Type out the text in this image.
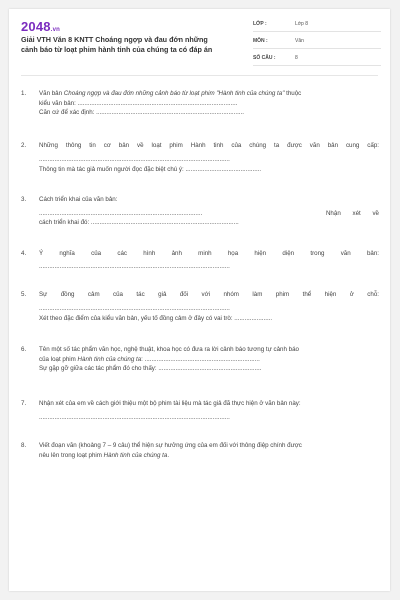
2048.vn
Giải VTH Văn 8 KNTT Choáng ngợp và đau đớn những
cảnh báo từ loạt phim hành tinh của chúng ta có đáp án
LỚP :	Lớp 8
MÔN :	Văn
SỐ CÂU :	8
1. Văn bản Choáng ngợp và đau đớn những cảnh báo từ loạt phim "Hành tinh của chúng ta" thuộc
kiểu văn bản: .............................................................................................
Căn cứ để xác định: ......................................................................................
2. Những thông tin cơ bản về loạt phim Hành tinh của chúng ta được văn bản cung cấp:
...............................................................................................................
Thông tin mà tác giả muốn người đọc đặc biệt chú ý: ............................................
3. Cách triển khai của văn bản:
...............................................................................................	Nhận xét về
cách triển khai đó: ......................................................................................
4. Ý nghĩa của các hình ảnh minh họa hiện diện trong văn bản:
...............................................................................................................
5. Sự đồng cảm của tác giả đối với nhóm làm phim thể hiện ở chỗ:
...............................................................................................................
Xét theo đặc điểm của kiểu văn bản, yếu tố đồng cảm ở đây có vai trò: ......................
6. Tên một số tác phẩm văn học, nghệ thuật, khoa học có đưa ra lời cảnh báo tương tự cảnh báo
của loạt phim Hành tinh của chúng ta: ...................................................................
Sự gặp gỡ giữa các tác phẩm đó cho thấy: ............................................................
7. Nhận xét của em về cách giới thiệu một bộ phim tài liệu mà tác giả đã thực hiện ở văn bản này:
...............................................................................................................
8. Viết đoạn văn (khoảng 7 – 9 câu) thể hiện sự hưởng ứng của em đối với thông điệp chính được
nêu lên trong loạt phim Hành tinh của chúng ta.
